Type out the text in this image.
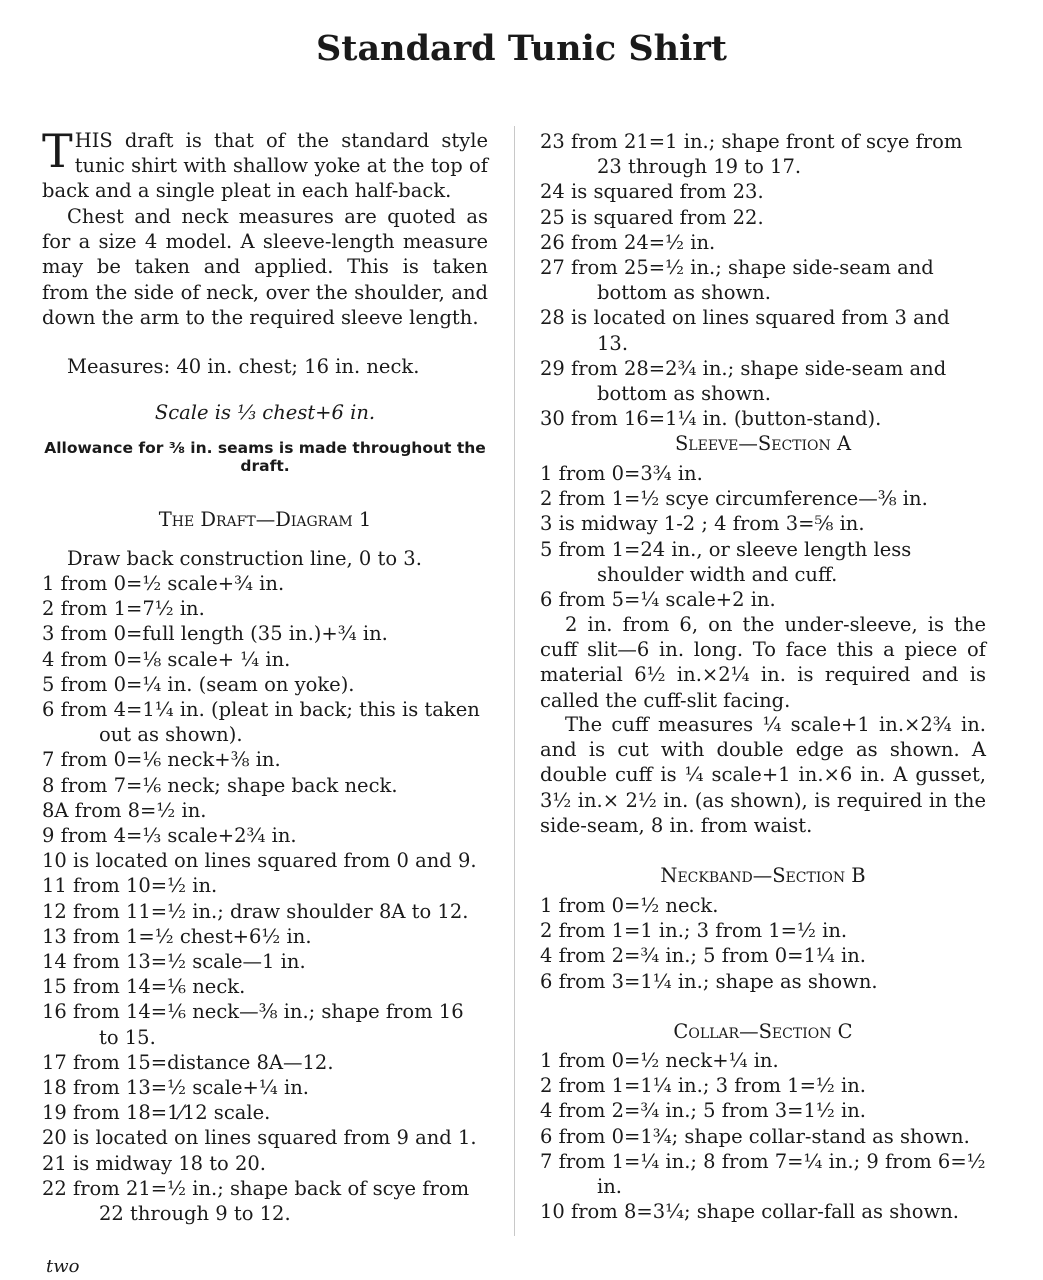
Standard Tunic Shirt
THIS draft is that of the standard style tunic shirt with shallow yoke at the top of back and a single pleat in each half-back.

Chest and neck measures are quoted as for a size 4 model. A sleeve-length measure may be taken and applied. This is taken from the side of neck, over the shoulder, and down the arm to the required sleeve length.

Measures: 40 in. chest; 16 in. neck.

Scale is ⅓ chest+6 in.

Allowance for ⅜ in. seams is made throughout the draft.

The Draft—Diagram 1

Draw back construction line, 0 to 3.

1 from 0=½ scale+¾ in.

2 from 1=7½ in.

3 from 0=full length (35 in.)+¾ in.

4 from 0=⅛ scale+ ¼ in.

5 from 0=¼ in. (seam on yoke).

6 from 4=1¼ in. (pleat in back; this is taken out as shown).

7 from 0=⅙ neck+⅜ in.

8 from 7=⅙ neck; shape back neck.

8A from 8=½ in.

9 from 4=⅓ scale+2¾ in.

10 is located on lines squared from 0 and 9.

11 from 10=½ in.

12 from 11=½ in.; draw shoulder 8A to 12.

13 from 1=½ chest+6½ in.

14 from 13=½ scale—1 in.

15 from 14=⅙ neck.

16 from 14=⅙ neck—⅜ in.; shape from 16 to 15.

17 from 15=distance 8A—12.

18 from 13=½ scale+¼ in.

19 from 18=1⁄12 scale.

20 is located on lines squared from 9 and 1.

21 is midway 18 to 20.

22 from 21=½ in.; shape back of scye from 22 through 9 to 12.

23 from 21=1 in.; shape front of scye from 23 through 19 to 17.

24 is squared from 23.

25 is squared from 22.

26 from 24=½ in.

27 from 25=½ in.; shape side-seam and bottom as shown.

28 is located on lines squared from 3 and 13.

29 from 28=2¾ in.; shape side-seam and bottom as shown.

30 from 16=1¼ in. (button-stand).

Sleeve—Section A

1 from 0=3¾ in.

2 from 1=½ scye circumference—⅜ in.

3 is midway 1-2 ; 4 from 3=⅝ in.

5 from 1=24 in., or sleeve length less shoulder width and cuff.

6 from 5=¼ scale+2 in.

2 in. from 6, on the under-sleeve, is the cuff slit—6 in. long. To face this a piece of material 6½ in.×2¼ in. is required and is called the cuff-slit facing.

The cuff measures ¼ scale+1 in.×2¾ in. and is cut with double edge as shown. A double cuff is ¼ scale+1 in.×6 in. A gusset, 3½ in.× 2½ in. (as shown), is required in the side-seam, 8 in. from waist.

Neckband—Section B

1 from 0=½ neck.

2 from 1=1 in.; 3 from 1=½ in.

4 from 2=¾ in.; 5 from 0=1¼ in.

6 from 3=1¼ in.; shape as shown.

Collar—Section C

1 from 0=½ neck+¼ in.

2 from 1=1¼ in.; 3 from 1=½ in.

4 from 2=¾ in.; 5 from 3=1½ in.

6 from 0=1¾; shape collar-stand as shown.

7 from 1=¼ in.; 8 from 7=¼ in.; 9 from 6=½ in.

10 from 8=3¼; shape collar-fall as shown.

two
